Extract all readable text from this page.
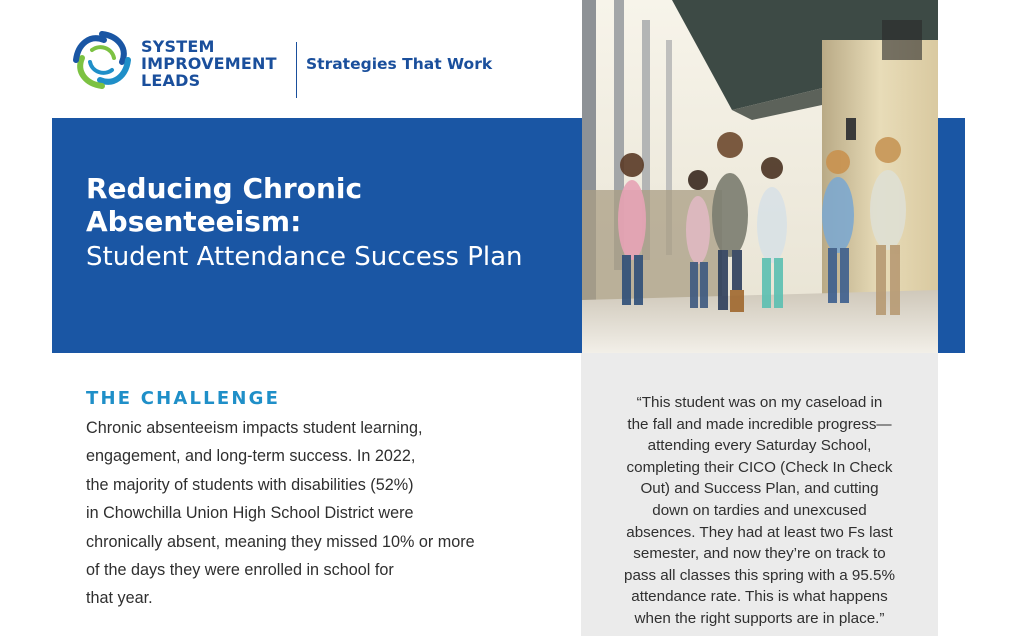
SYSTEM
IMPROVEMENT
LEADS
Strategies That Work
Reducing Chronic
Absenteeism:
Student Attendance Success Plan
THE CHALLENGE

Chronic absenteeism impacts student learning,
engagement, and long-term success. In 2022,
the majority of students with disabilities (52%)
in Chowchilla Union High School District were
chronically absent, meaning they missed 10% or more
of the days they were enrolled in school for
that year.

“This student was on my caseload in
the fall and made incredible progress—
attending every Saturday School,
completing their CICO (Check In Check
Out) and Success Plan, and cutting
down on tardies and unexcused
absences. They had at least two Fs last
semester, and now they’re on track to
pass all classes this spring with a 95.5%
attendance rate. This is what happens
when the right supports are in place.”
